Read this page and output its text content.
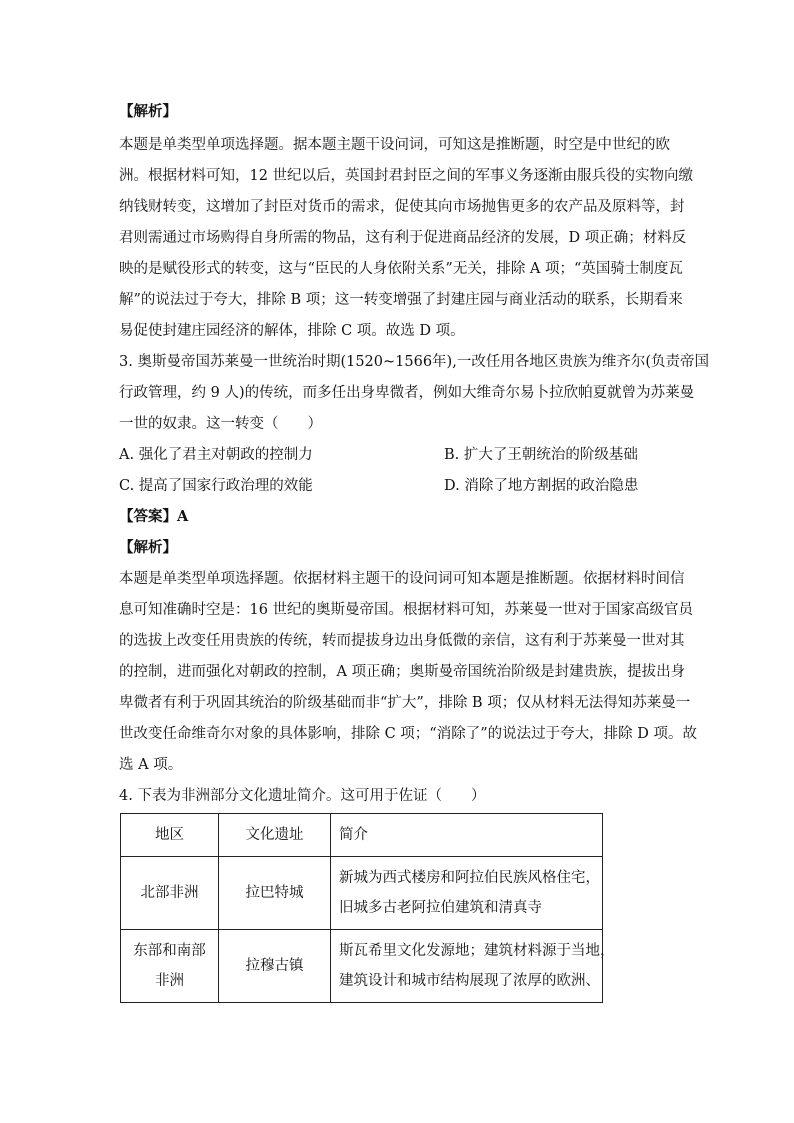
【解析】
本题是单类型单项选择题。据本题主题干设问词，可知这是推断题，时空是中世纪的欧
洲。根据材料可知，12 世纪以后，英国封君封臣之间的军事义务逐渐由服兵役的实物向缴
纳钱财转变，这增加了封臣对货币的需求，促使其向市场抛售更多的农产品及原料等，封
君则需通过市场购得自身所需的物品，这有利于促进商品经济的发展，D 项正确；材料反
映的是赋役形式的转变，这与“臣民的人身依附关系”无关，排除 A 项；“英国骑士制度瓦
解”的说法过于夸大，排除 B 项；这一转变增强了封建庄园与商业活动的联系，长期看来
易促使封建庄园经济的解体，排除 C 项。故选 D 项。
3. 奥斯曼帝国苏莱曼一世统治时期(1520~1566年),一改任用各地区贵族为维齐尔(负责帝国
行政管理，约 9 人)的传统，而多任出身卑微者，例如大维奇尔易卜拉欣帕夏就曾为苏莱曼
一世的奴隶。这一转变（　　）
A. 强化了君主对朝政的控制力	B. 扩大了王朝统治的阶级基础
C. 提高了国家行政治理的效能	D. 消除了地方割据的政治隐患
【答案】A
【解析】
本题是单类型单项选择题。依据材料主题干的设问词可知本题是推断题。依据材料时间信
息可知准确时空是：16 世纪的奥斯曼帝国。根据材料可知，苏莱曼一世对于国家高级官员
的选拔上改变任用贵族的传统，转而提拔身边出身低微的亲信，这有利于苏莱曼一世对其
的控制，进而强化对朝政的控制，A 项正确；奥斯曼帝国统治阶级是封建贵族，提拔出身
卑微者有利于巩固其统治的阶级基础而非“扩大”，排除 B 项；仅从材料无法得知苏莱曼一
世改变任命维奇尔对象的具体影响，排除 C 项；“消除了”的说法过于夸大，排除 D 项。故
选 A 项。
4. 下表为非洲部分文化遗址简介。这可用于佐证（　　）
地区	文化遗址	简介
北部非洲	拉巴特城	新城为西式楼房和阿拉伯民族风格住宅，
旧城多古老阿拉伯建筑和清真寺

东部和南部
非洲	拉穆古镇	斯瓦希里文化发源地；建筑材料源于当地，
建筑设计和城市结构展现了浓厚的欧洲、
